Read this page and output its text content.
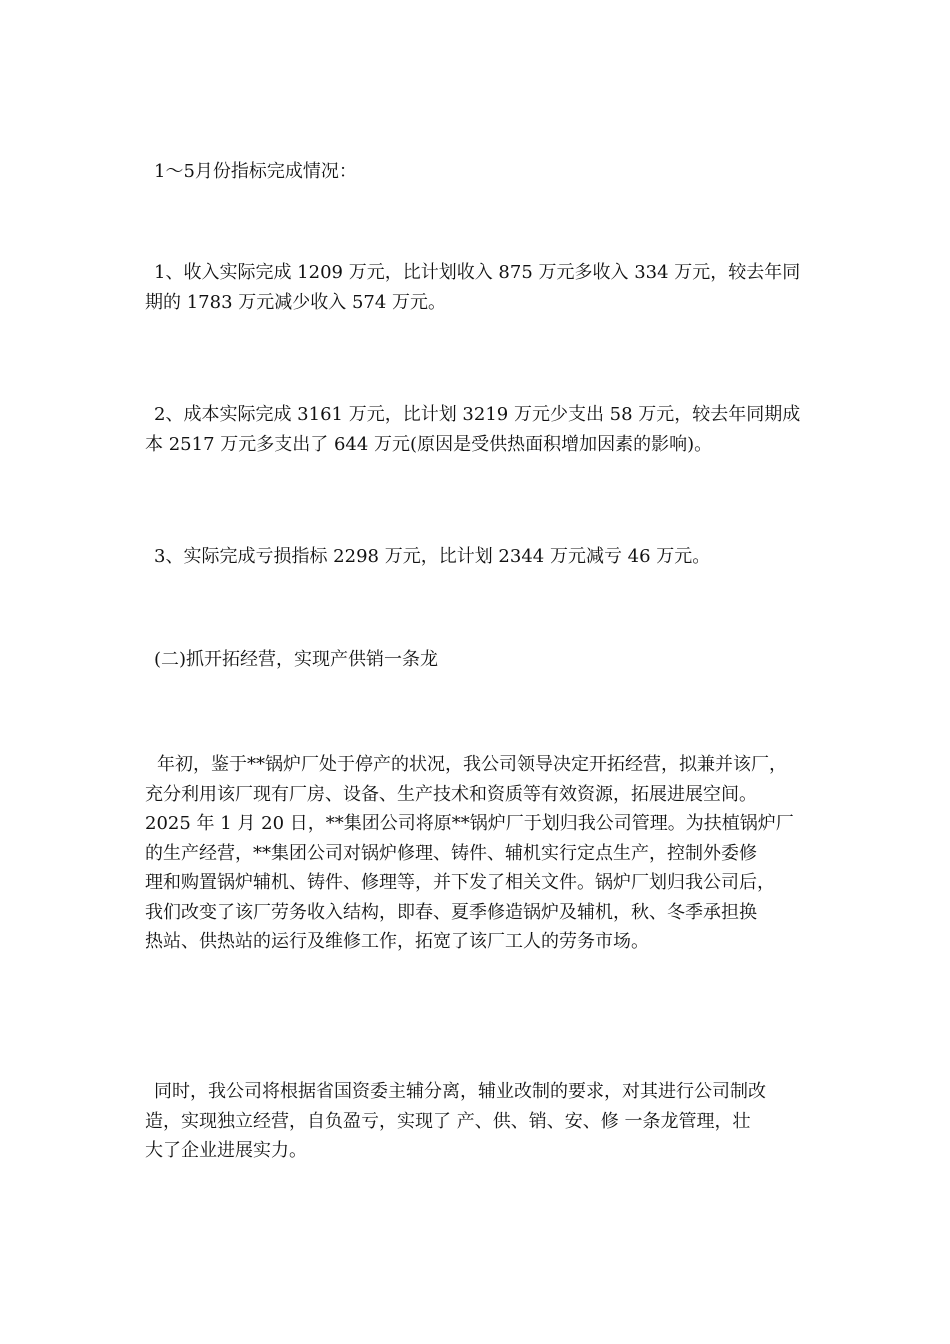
1～5月份指标完成情况：

1、收入实际完成 1209 万元，比计划收入 875 万元多收入 334 万元，较去年同
期的 1783 万元减少收入 574 万元。

2、成本实际完成 3161 万元，比计划 3219 万元少支出 58 万元，较去年同期成
本 2517 万元多支出了 644 万元(原因是受供热面积增加因素的影响)。

3、实际完成亏损指标 2298 万元，比计划 2344 万元减亏 46 万元。

(二)抓开拓经营，实现产供销一条龙

年初，鉴于**锅炉厂处于停产的状况，我公司领导决定开拓经营，拟兼并该厂，
充分利用该厂现有厂房、设备、生产技术和资质等有效资源，拓展进展空间。
2025 年 1 月 20 日，**集团公司将原**锅炉厂于划归我公司管理。为扶植锅炉厂
的生产经营，**集团公司对锅炉修理、铸件、辅机实行定点生产，控制外委修
理和购置锅炉辅机、铸件、修理等，并下发了相关文件。锅炉厂划归我公司后，
我们改变了该厂劳务收入结构，即春、夏季修造锅炉及辅机，秋、冬季承担换
热站、供热站的运行及维修工作，拓宽了该厂工人的劳务市场。

同时，我公司将根据省国资委主辅分离，辅业改制的要求，对其进行公司制改
造，实现独立经营，自负盈亏，实现了 产、供、销、安、修 一条龙管理，壮
大了企业进展实力。
